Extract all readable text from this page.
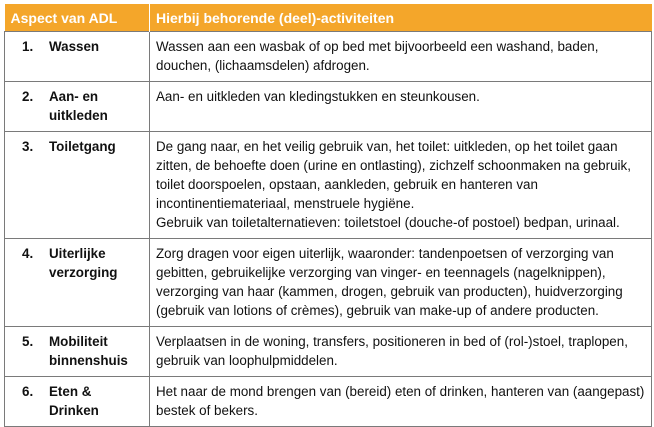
Aspect van ADL	Hierbij behorende (deel)-activiteiten

1. Wassen	Wassen aan een wasbak of op bed met bijvoorbeeld een washand, baden, douchen, (lichaamsdelen) afdrogen.

2. Aan- en uitkleden	Aan- en uitkleden van kledingstukken en steunkousen.

3. Toiletgang	De gang naar, en het veilig gebruik van, het toilet: uitkleden, op het toilet gaan zitten, de behoefte doen (urine en ontlasting), zichzelf schoonmaken na gebruik, toilet doorspoelen, opstaan, aankleden, gebruik en hanteren van incontinentiemateriaal, menstruele hygiëne.
Gebruik van toiletalternatieven: toiletstoel (douche-of postoel) bedpan, urinaal.

4. Uiterlijke verzorging	Zorg dragen voor eigen uiterlijk, waaronder: tandenpoetsen of verzorging van gebitten, gebruikelijke verzorging van vinger- en teennagels (nagelknippen), verzorging van haar (kammen, drogen, gebruik van producten), huidverzorging (gebruik van lotions of crèmes), gebruik van make-up of andere producten.

5. Mobiliteit binnenshuis	Verplaatsen in de woning, transfers, positioneren in bed of (rol-)stoel, traplopen, gebruik van loophulpmiddelen.

6. Eten & Drinken	Het naar de mond brengen van (bereid) eten of drinken, hanteren van (aangepast) bestek of bekers.
